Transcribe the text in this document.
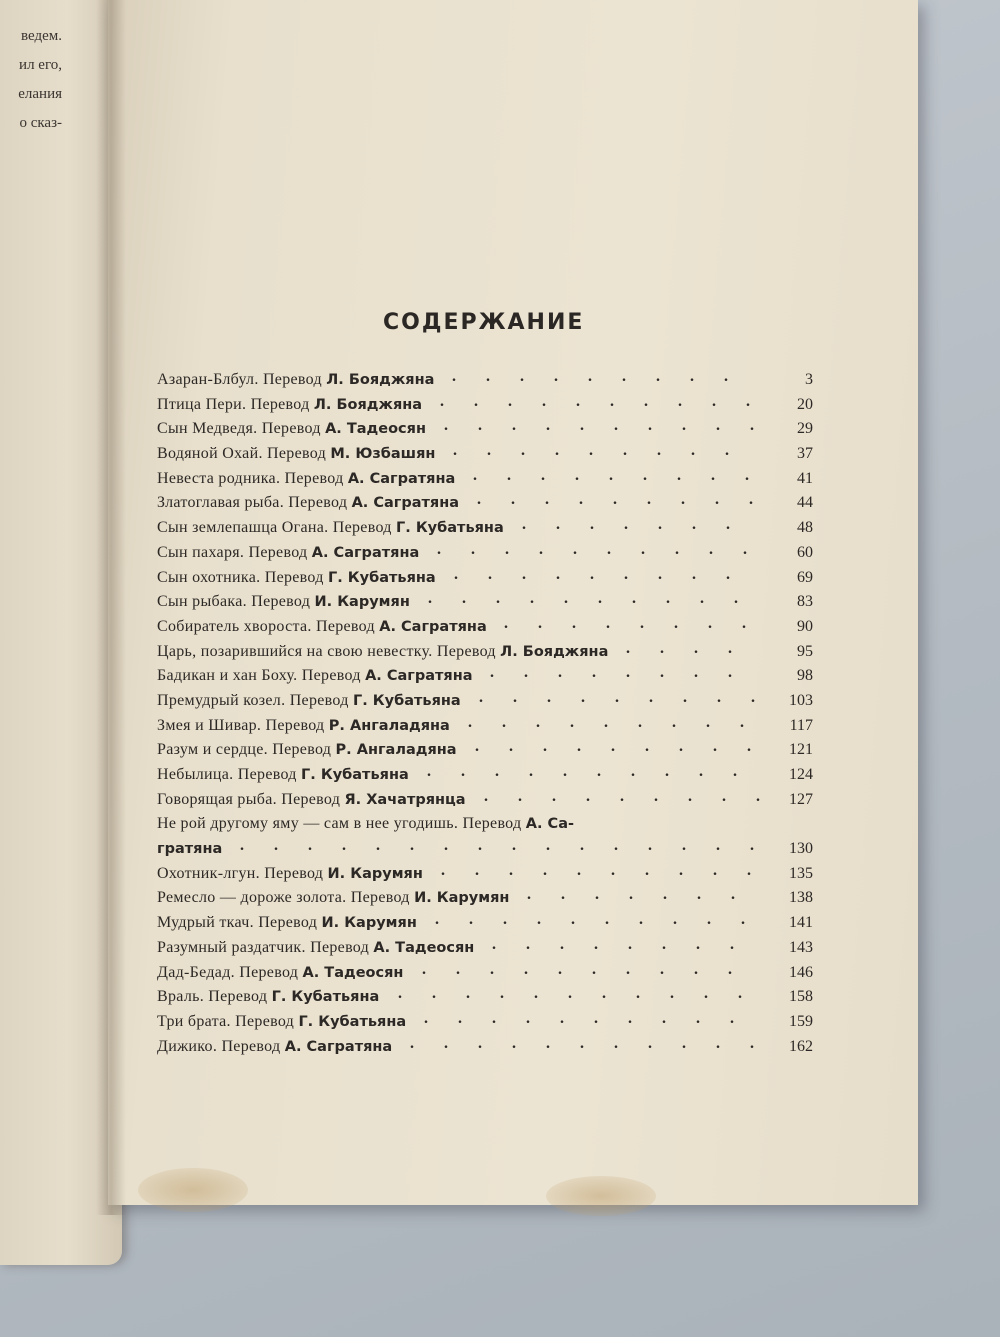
ведем.
ил его,
елания
о сказ-
СОДЕРЖАНИЕ
Азаран-Блбул. Перевод Л. Бояджяна	3
. . . . . . . . .
Птица Пери. Перевод Л. Бояджяна	20
. . . . . . . . . .
Сын Медведя. Перевод А. Тадеосян	29
. . . . . . . . . .
Водяной Охай. Перевод М. Юзбашян	37
. . . . . . . . .
Невеста родника. Перевод А. Сагратяна	41
. . . . . . . . .
Златоглавая рыба. Перевод А. Сагратяна	44
. . . . . . . . .
Сын землепашца Огана. Перевод Г. Кубатьяна	48
. . . . . . .
Сын пахаря. Перевод А. Сагратяна	60
. . . . . . . . . .
Сын охотника. Перевод Г. Кубатьяна	69
. . . . . . . . .
Сын рыбака. Перевод И. Карумян	83
. . . . . . . . . .
Собиратель хвороста. Перевод А. Сагратяна	90
. . . . . . . .
Царь, позарившийся на свою невестку. Перевод Л. Бояджяна	95
. . . .
Бадикан и хан Боху. Перевод А. Сагратяна	98
. . . . . . . .
Премудрый козел. Перевод Г. Кубатьяна	103
. . . . . . . . .
Змея и Шивар. Перевод Р. Ангаладяна	117
. . . . . . . . .
Разум и сердце. Перевод Р. Ангаладяна	121
. . . . . . . . .
Небылица. Перевод Г. Кубатьяна	124
. . . . . . . . . .
Говорящая рыба. Перевод Я. Хачатрянца	127
. . . . . . . . .
Не рой другому яму — сам в нее угодишь. Перевод А. Са-
гратяна	130
. . . . . . . . . . . . . . . .
Охотник-лгун. Перевод И. Карумян	135
. . . . . . . . . .
Ремесло — дороже золота. Перевод И. Карумян	138
. . . . . . .
Мудрый ткач. Перевод И. Карумян	141
. . . . . . . . . .
Разумный раздатчик. Перевод А. Тадеосян	143
. . . . . . . .
Дад-Бедад. Перевод А. Тадеосян	146
. . . . . . . . . .
Враль. Перевод Г. Кубатьяна	158
. . . . . . . . . . .
Три брата. Перевод Г. Кубатьяна	159
. . . . . . . . . .
Дижико. Перевод А. Сагратяна	162
. . . . . . . . . . .
